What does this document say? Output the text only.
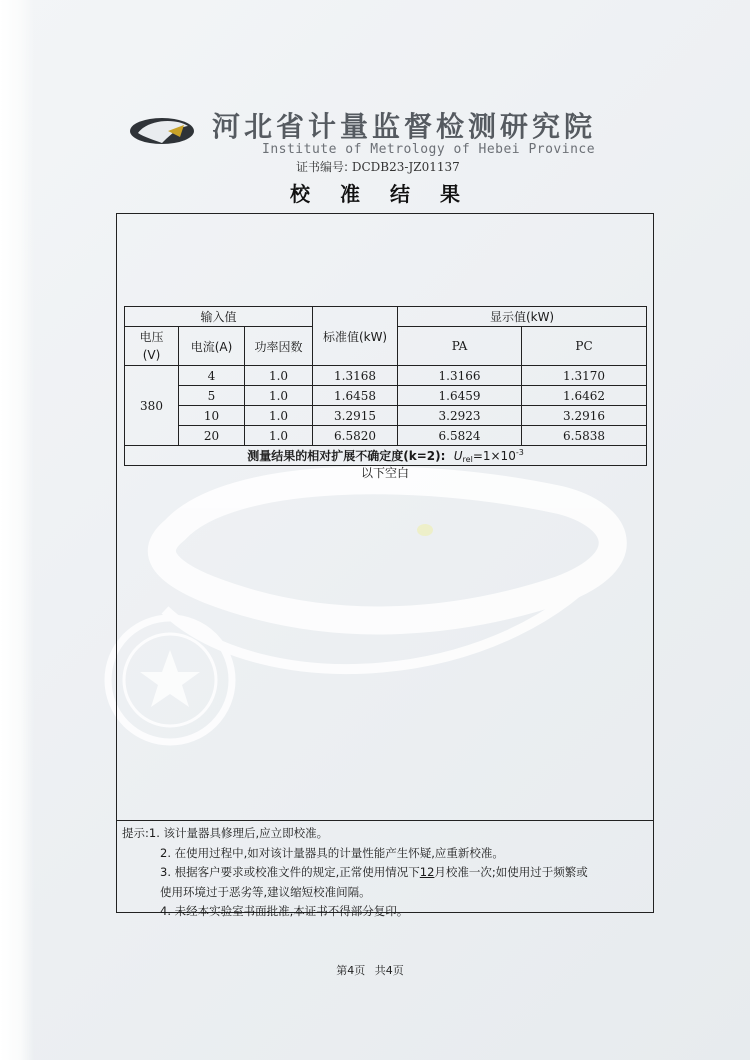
河北省计量监督检测研究院
Institute of Metrology of Hebei Province
证书编号: DCDB23-JZ01137
校准结果
输入值			标准值(kW)	显示值(kW)	
电压
(V)	电流(A)	功率因数		PA	PC
380	4	1.0	1.3168	1.3166	1.3170
	5	1.0	1.6458	1.6459	1.6462
	10	1.0	3.2915	3.2923	3.2916
	20	1.0	6.5820	6.5824	6.5838
测量结果的相对扩展不确定度(k=2): $U_{rel}=1\times 10^{-3}$
以下空白
提示:1. 该计量器具修理后,应立即校准。
2. 在使用过程中,如对该计量器具的计量性能产生怀疑,应重新校准。
3. 根据客户要求或校准文件的规定,正常使用情况下12月校准一次;如使用过于频繁或
使用环境过于恶劣等,建议缩短校准间隔。
4. 未经本实验室书面批准,本证书不得部分复印。
第4页 共4页
